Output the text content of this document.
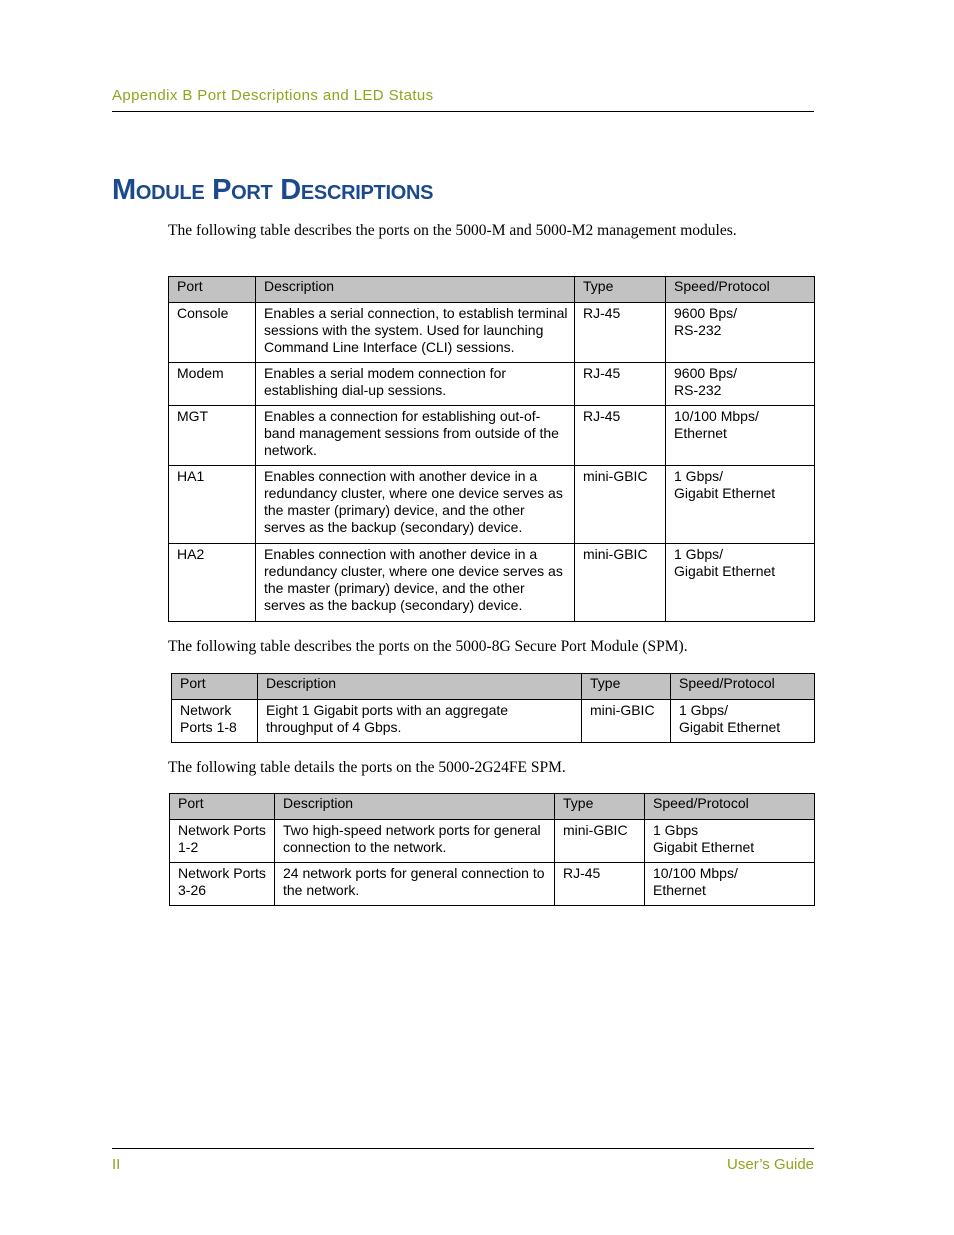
Appendix B Port Descriptions and LED Status
Module Port Descriptions

The following table describes the ports on the 5000-M and 5000-M2 management modules.

Port	Description	Type	Speed/Protocol
Console	Enables a serial connection, to establish terminal sessions with the system. Used for launching Command Line Interface (CLI) sessions.	RJ-45	9600 Bps/
RS-232

Modem	Enables a serial modem connection for establishing dial-up sessions.	RJ-45	9600 Bps/
RS-232

MGT	Enables a connection for establishing out-of-band management sessions from outside of the network.	RJ-45	10/100 Mbps/
Ethernet

HA1	Enables connection with another device in a redundancy cluster, where one device serves as the master (primary) device, and the other serves as the backup (secondary) device.	mini-GBIC	1 Gbps/
Gigabit Ethernet

HA2	Enables connection with another device in a redundancy cluster, where one device serves as the master (primary) device, and the other serves as the backup (secondary) device.	mini-GBIC	1 Gbps/
Gigabit Ethernet

The following table describes the ports on the 5000-8G Secure Port Module (SPM).

Port	Description	Type	Speed/Protocol
Network Ports 1-8	Eight 1 Gigabit ports with an aggregate throughput of 4 Gbps.	mini-GBIC	1 Gbps/
Gigabit Ethernet

The following table details the ports on the 5000-2G24FE SPM.

Port	Description	Type	Speed/Protocol
Network Ports 1-2	Two high-speed network ports for general connection to the network.	mini-GBIC	1 Gbps
Gigabit Ethernet

Network Ports 3-26	24 network ports for general connection to the network.	RJ-45	10/100 Mbps/
Ethernet
II	User’s Guide
